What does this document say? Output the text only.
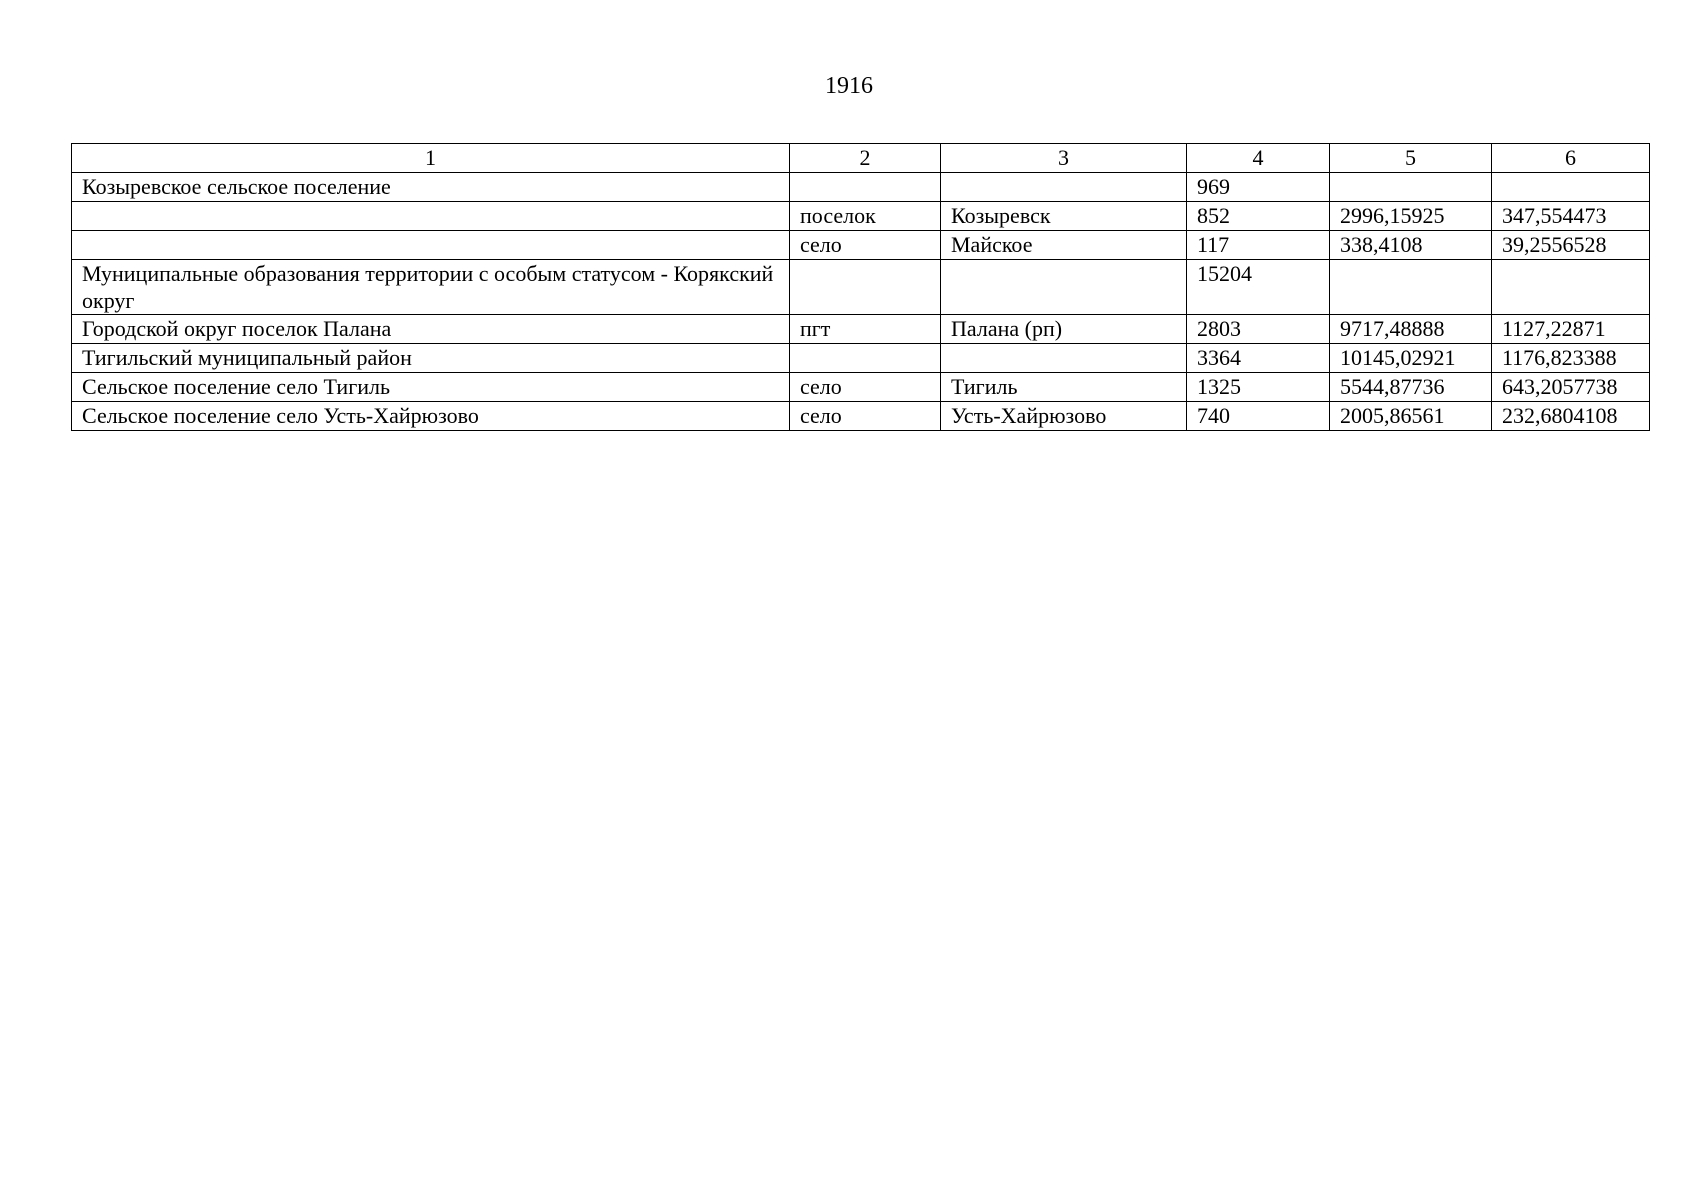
1916
1	2	3	4	5	6
Козыревское сельское поселение			969		
	поселок	Козыревск	852	2996,15925	347,554473
	село	Майское	117	338,4108	39,2556528
Муниципальные образования территории с особым статусом - Корякский округ			15204		
Городской округ поселок Палана	пгт	Палана (рп)	2803	9717,48888	1127,22871
Тигильский муниципальный район			3364	10145,02921	1176,823388
Сельское поселение село Тигиль	село	Тигиль	1325	5544,87736	643,2057738
Сельское поселение село Усть-Хайрюзово	село	Усть-Хайрюзово	740	2005,86561	232,6804108
